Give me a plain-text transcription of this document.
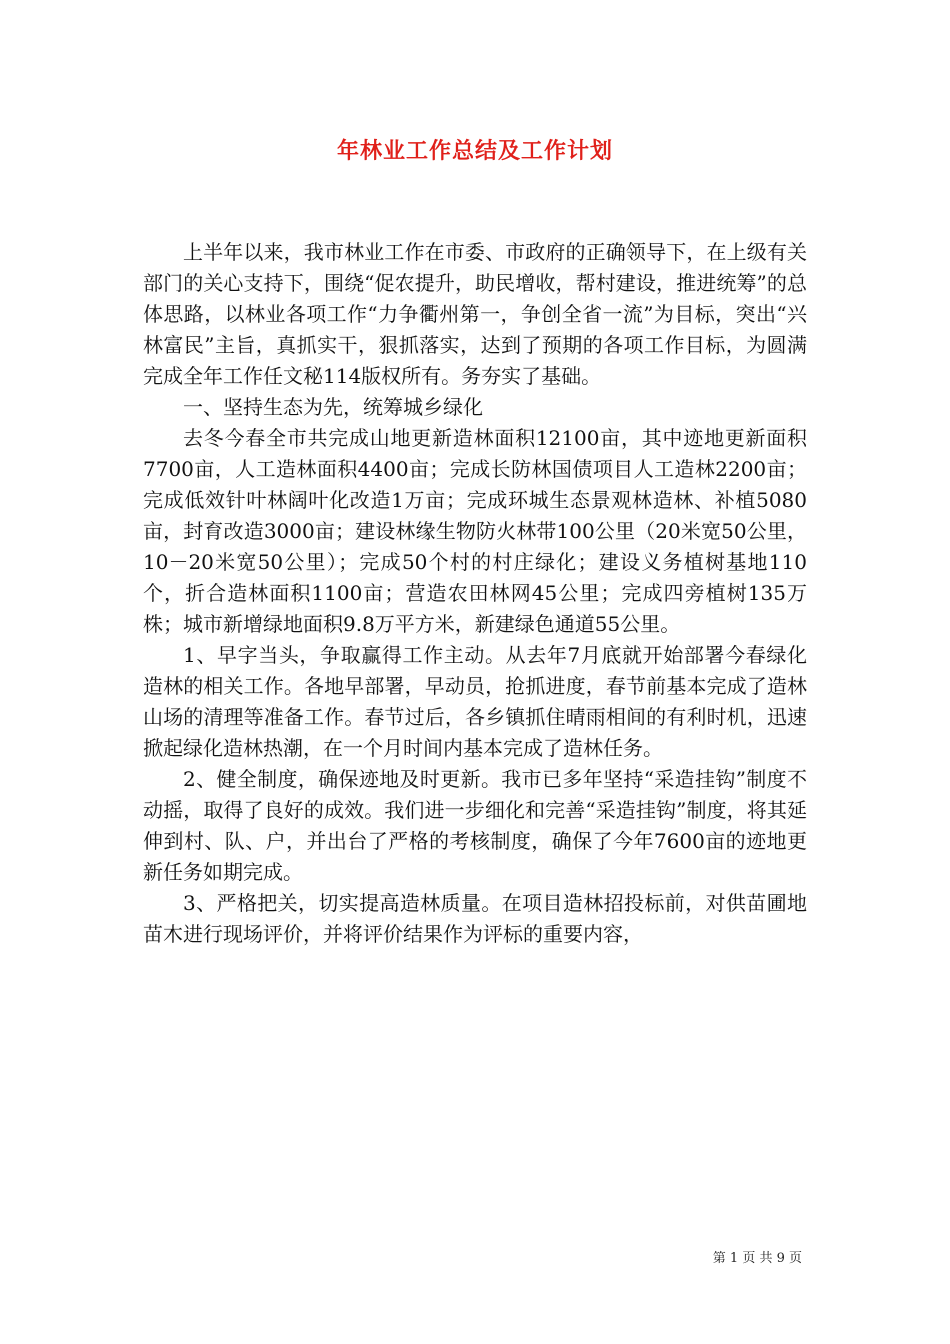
年林业工作总结及工作计划

上半年以来，我市林业工作在市委、市政府的正确领导下，在上级有关部门的关心支持下，围绕“促农提升，助民增收，帮村建设，推进统筹”的总体思路，以林业各项工作“力争衢州第一，争创全省一流”为目标，突出“兴林富民”主旨，真抓实干，狠抓落实，达到了预期的各项工作目标，为圆满完成全年工作任文秘114版权所有。务夯实了基础。

一、坚持生态为先，统筹城乡绿化

去冬今春全市共完成山地更新造林面积12100亩，其中迹地更新面积7700亩，人工造林面积4400亩；完成长防林国债项目人工造林2200亩；完成低效针叶林阔叶化改造1万亩；完成环城生态景观林造林、补植5080亩，封育改造3000亩；建设林缘生物防火林带100公里（20米宽50公里，10－20米宽50公里）；完成50个村的村庄绿化；建设义务植树基地110个，折合造林面积1100亩；营造农田林网45公里；完成四旁植树135万株；城市新增绿地面积9.8万平方米，新建绿色通道55公里。

1、早字当头，争取赢得工作主动。从去年7月底就开始部署今春绿化造林的相关工作。各地早部署，早动员，抢抓进度，春节前基本完成了造林山场的清理等准备工作。春节过后，各乡镇抓住晴雨相间的有利时机，迅速掀起绿化造林热潮，在一个月时间内基本完成了造林任务。

2、健全制度，确保迹地及时更新。我市已多年坚持“采造挂钩”制度不动摇，取得了良好的成效。我们进一步细化和完善“采造挂钩”制度，将其延伸到村、队、户，并出台了严格的考核制度，确保了今年7600亩的迹地更新任务如期完成。

3、严格把关，切实提高造林质量。在项目造林招投标前，对供苗圃地苗木进行现场评价，并将评价结果作为评标的重要内容，

第 1 页 共 9 页
